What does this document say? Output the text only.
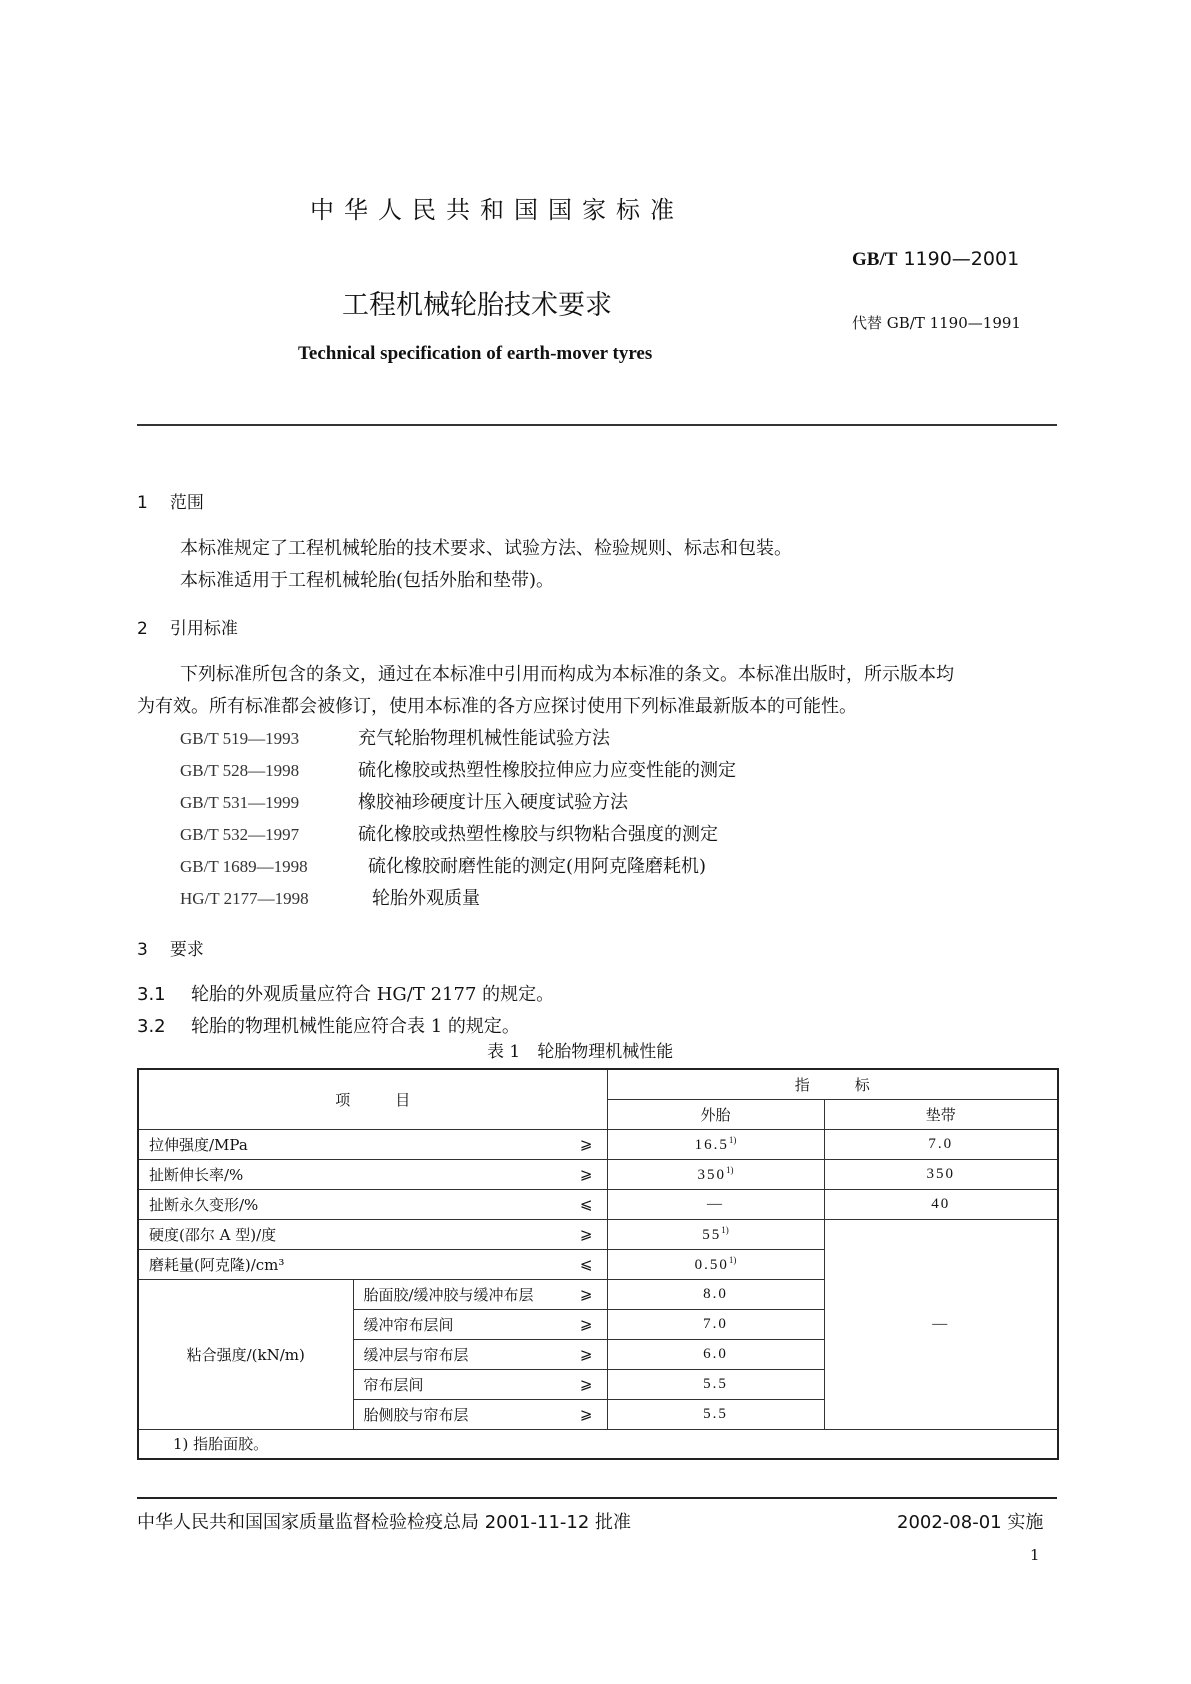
中华人民共和国国家标准
GB/T 1190—2001
工程机械轮胎技术要求
代替 GB/T 1190—1991
Technical specification of earth-mover tyres
1 范围
本标准规定了工程机械轮胎的技术要求、试验方法、检验规则、标志和包装。
本标准适用于工程机械轮胎(包括外胎和垫带)。
2 引用标准
下列标准所包含的条文，通过在本标准中引用而构成为本标准的条文。本标准出版时，所示版本均
为有效。所有标准都会被修订，使用本标准的各方应探讨使用下列标准最新版本的可能性。
GB/T 519—1993	充气轮胎物理机械性能试验方法
GB/T 528—1998	硫化橡胶或热塑性橡胶拉伸应力应变性能的测定
GB/T 531—1999	橡胶袖珍硬度计压入硬度试验方法
GB/T 532—1997	硫化橡胶或热塑性橡胶与织物粘合强度的测定
GB/T 1689—1998	硫化橡胶耐磨性能的测定(用阿克隆磨耗机)
HG/T 2177—1998	轮胎外观质量
3 要求
3.1 轮胎的外观质量应符合 HG/T 2177 的规定。
3.2 轮胎的物理机械性能应符合表 1 的规定。
表 1　轮胎物理机械性能
项　　　目			指　　　标	
			外胎	垫带
拉伸强度/MPa		⩾	16.5$^{1)}$	7.0
扯断伸长率/%		⩾	350$^{1)}$	350
扯断永久变形/%		⩽	—	40
硬度(邵尔 A 型)/度		⩾	55$^{1)}$	—
磨耗量(阿克隆)/cm³		⩽	0.50$^{1)}$
粘合强度/(kN/m)	胎面胶/缓冲胶与缓冲布层	⩾	8.0	
	缓冲帘布层间	⩾	7.0	
	缓冲层与帘布层	⩾	6.0	
	帘布层间	⩾	5.5	
	胎侧胶与帘布层	⩾	5.5	
1) 指胎面胶。				
中华人民共和国国家质量监督检验检疫总局 2001-11-12 批准	2002-08-01 实施
1
